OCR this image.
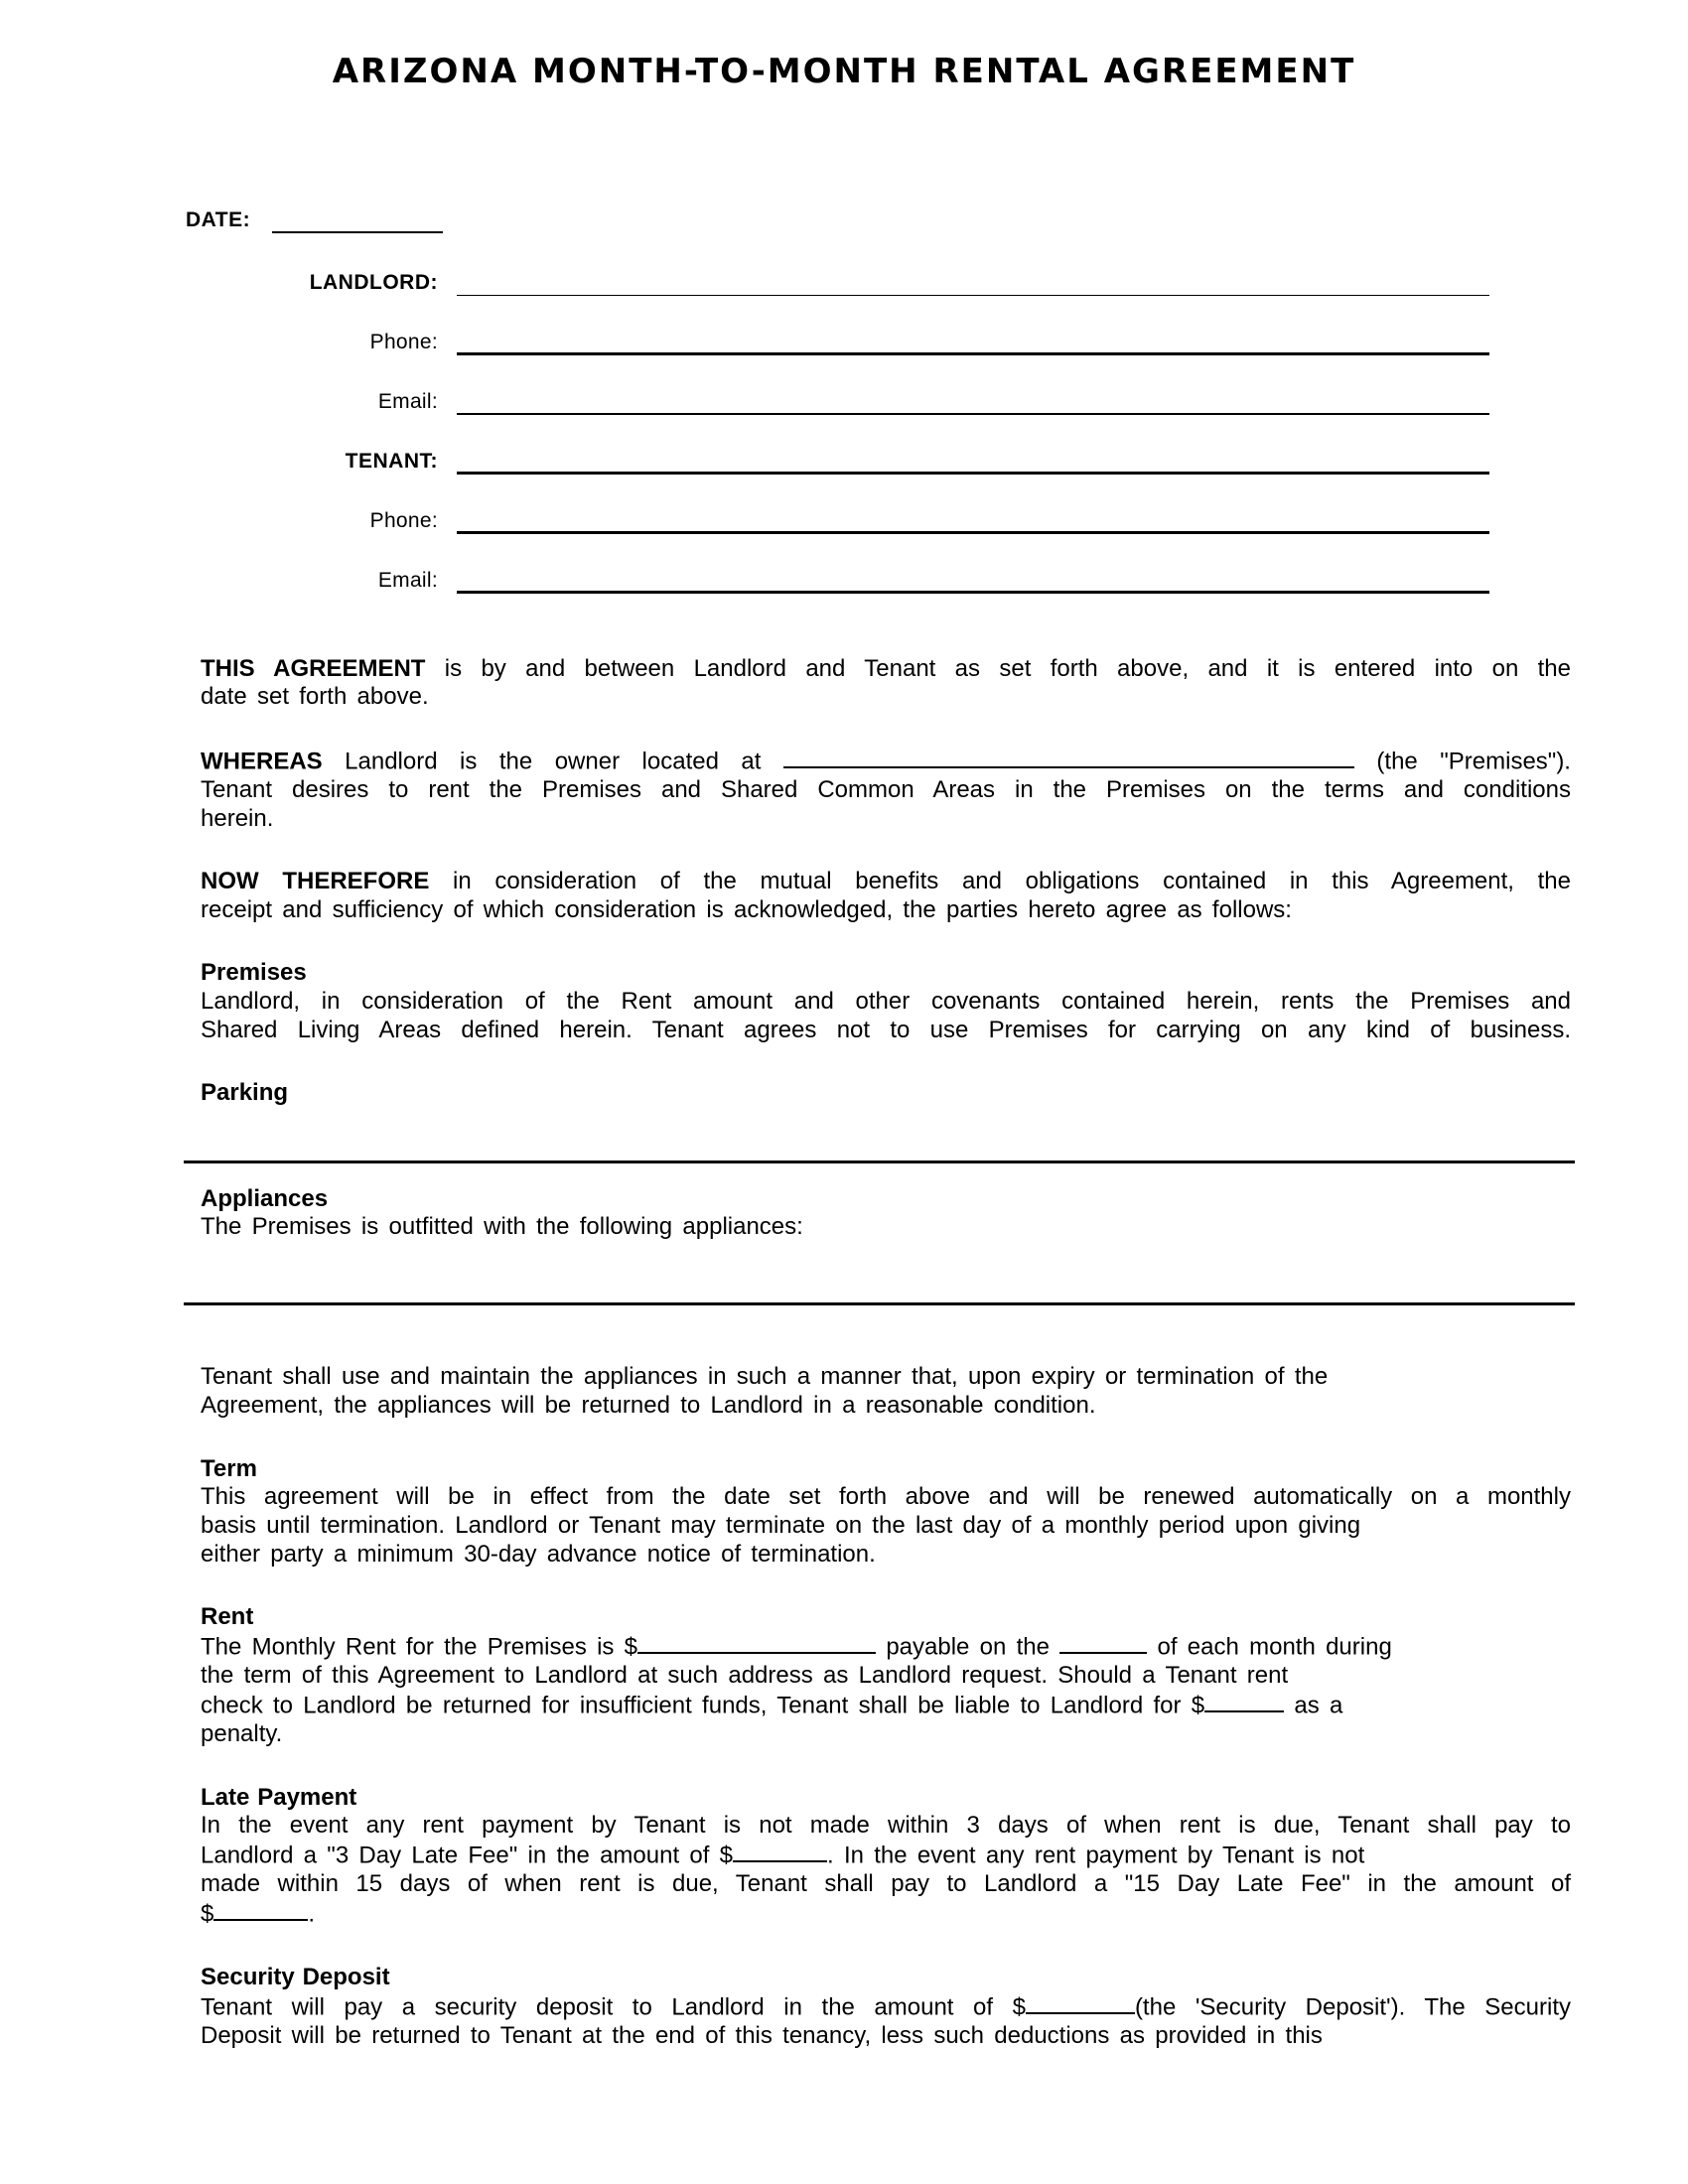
ARIZONA MONTH-TO-MONTH RENTAL AGREEMENT
DATE:
LANDLORD:
Phone:
Email:
TENANT:
Phone:
Email:
THIS AGREEMENT is by and between Landlord and Tenant as set forth above, and it is entered into on the
date set forth above.
WHEREAS Landlord is the owner located at	(the "Premises").
Tenant desires to rent the Premises and Shared Common Areas in the Premises on the terms and conditions
herein.
NOW THEREFORE in consideration of the mutual benefits and obligations contained in this Agreement, the
receipt and sufficiency of which consideration is acknowledged, the parties hereto agree as follows:
Premises
Landlord, in consideration of the Rent amount and other covenants contained herein, rents the Premises and
Shared Living Areas defined herein. Tenant agrees not to use Premises for carrying on any kind of business.
Parking
Appliances
The Premises is outfitted with the following appliances:
Tenant shall use and maintain the appliances in such a manner that, upon expiry or termination of the
Agreement, the appliances will be returned to Landlord in a reasonable condition.
Term
This agreement will be in effect from the date set forth above and will be renewed automatically on a monthly
basis until termination. Landlord or Tenant may terminate on the last day of a monthly period upon giving
either party a minimum 30-day advance notice of termination.
Rent
The Monthly Rent for the Premises is $	payable on the	of each month during
the term of this Agreement to Landlord at such address as Landlord request. Should a Tenant rent
check to Landlord be returned for insufficient funds, Tenant shall be liable to Landlord for $	as a
penalty.
Late Payment
In the event any rent payment by Tenant is not made within 3 days of when rent is due, Tenant shall pay to
Landlord a "3 Day Late Fee" in the amount of $	. In the event any rent payment by Tenant is not
made within 15 days of when rent is due, Tenant shall pay to Landlord a "15 Day Late Fee" in the amount of
$	.
Security Deposit
Tenant will pay a security deposit to Landlord in the amount of $	(the 'Security Deposit'). The Security
Deposit will be returned to Tenant at the end of this tenancy, less such deductions as provided in this
